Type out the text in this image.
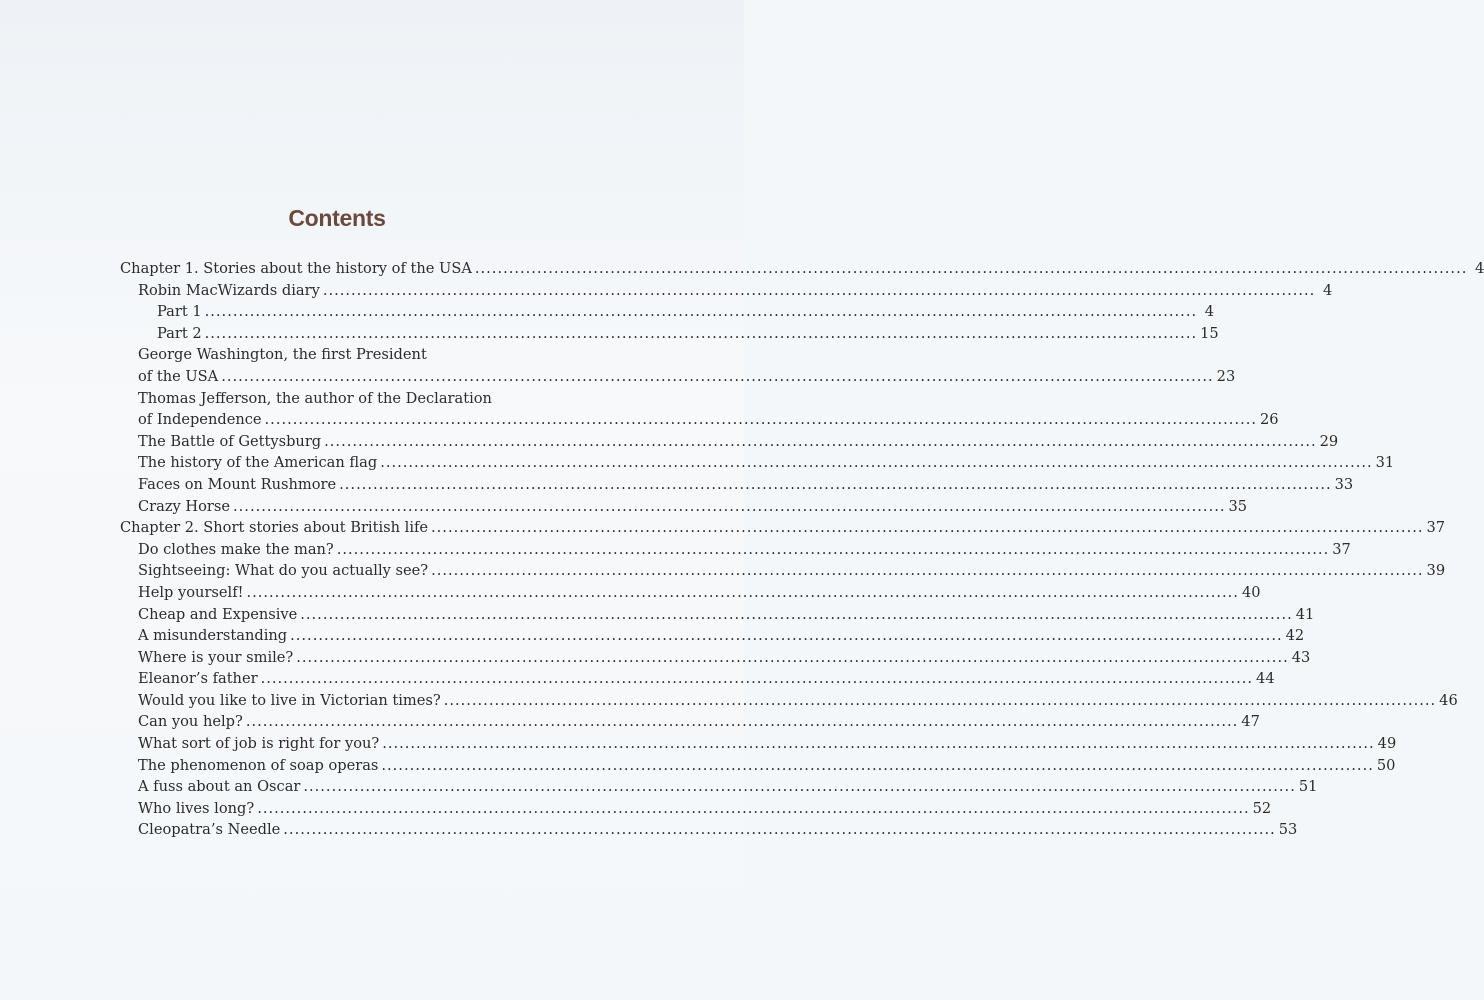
Contents
Chapter 1. Stories about the history of the USA .....	4
Robin MacWizards diary .....	4
Part 1 .....	4
Part 2 .....	15
George Washington, the first President
of the USA .....	23
Thomas Jefferson, the author of the Declaration
of Independence .....	26
The Battle of Gettysburg .....	29
The history of the American flag .....	31
Faces on Mount Rushmore .....	33
Crazy Horse .....	35
Chapter 2. Short stories about British life .....	37
Do clothes make the man? .....	37
Sightseeing: What do you actually see? .....	39
Help yourself! .....	40
Cheap and Expensive .....	41
A misunderstanding .....	42
Where is your smile? .....	43
Eleanor’s father .....	44
Would you like to live in Victorian times? .....	46
Can you help? .....	47
What sort of job is right for you? .....	49
The phenomenon of soap operas .....	50
A fuss about an Oscar .....	51
Who lives long? .....	52
Cleopatra’s Needle .....	53
